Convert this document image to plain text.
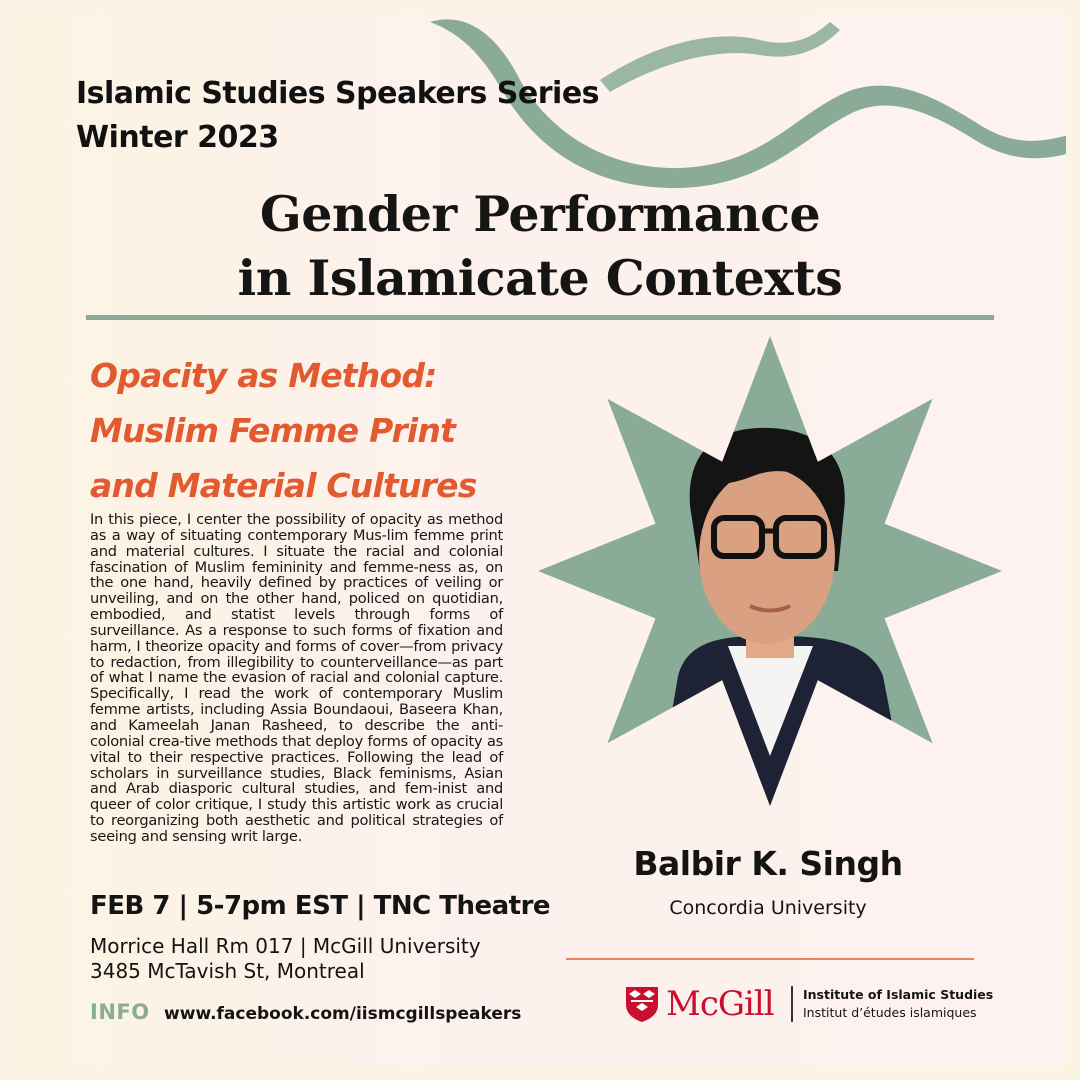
Islamic Studies Speakers Series
Winter 2023
Gender Performance
in Islamicate Contexts
Opacity as Method:
Muslim Femme Print
and Material Cultures
In this piece, I center the possibility of opacity as method as a way of situating contemporary Mus-lim femme print and material cultures. I situate the racial and colonial fascination of Muslim femininity and femme-ness as, on the one hand, heavily defined by practices of veiling or unveiling, and on the other hand, policed on quotidian, embodied, and statist levels through forms of surveillance. As a response to such forms of fixation and harm, I theorize opacity and forms of cover—from privacy to redaction, from illegibility to counterveillance—as part of what I name the evasion of racial and colonial capture. Specifically, I read the work of contemporary Muslim femme artists, including Assia Boundaoui, Baseera Khan, and Kameelah Janan Rasheed, to describe the anti-colonial crea-tive methods that deploy forms of opacity as vital to their respective practices. Following the lead of scholars in surveillance studies, Black feminisms, Asian and Arab diasporic cultural studies, and fem-inist and queer of color critique, I study this artistic work as crucial to reorganizing both aesthetic and political strategies of seeing and sensing writ large.
FEB 7 | 5-7pm EST | TNC Theatre
Morrice Hall Rm 017 | McGill University
3485 McTavish St, Montreal
INFO www.facebook.com/iismcgillspeakers
Balbir K. Singh
Concordia University
McGill Institute of Islamic Studies
Institut d’études islamiques
